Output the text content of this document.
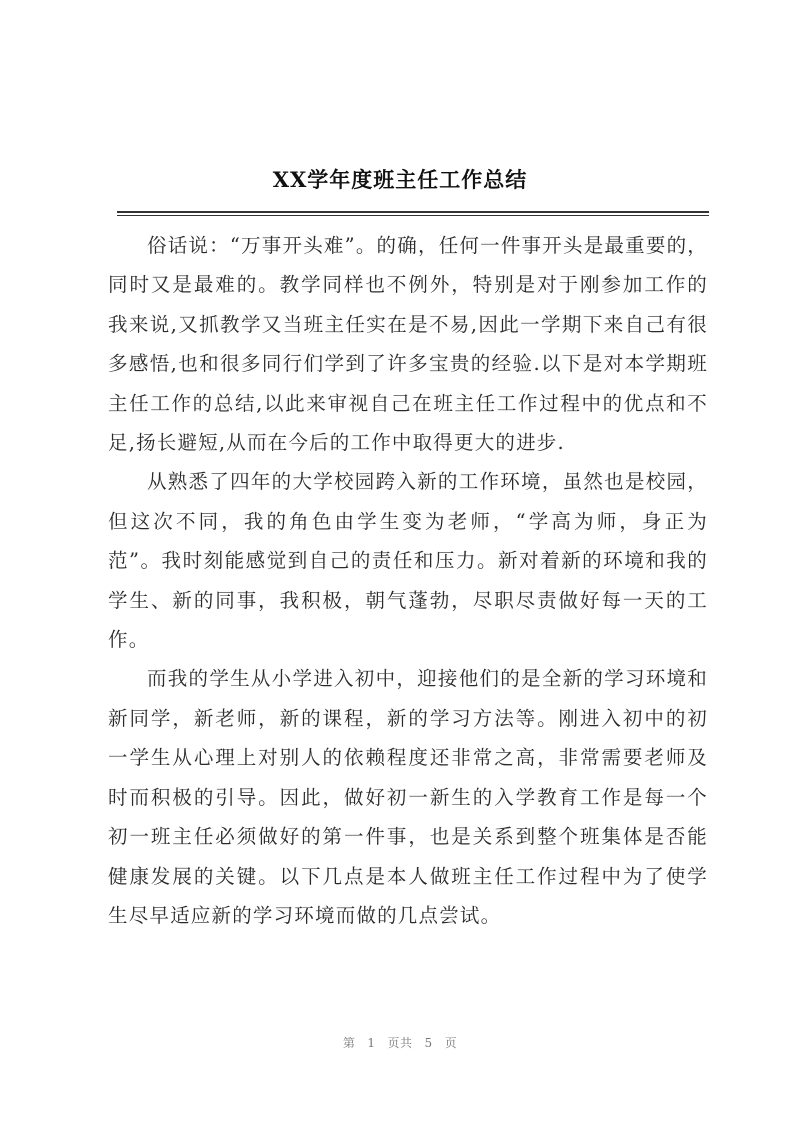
XX学年度班主任工作总结

俗话说：“万事开头难”。的确，任何一件事开头是最重要的，同时又是最难的。教学同样也不例外，特别是对于刚参加工作的我来说,又抓教学又当班主任实在是不易,因此一学期下来自己有很多感悟,也和很多同行们学到了许多宝贵的经验.以下是对本学期班主任工作的总结,以此来审视自己在班主任工作过程中的优点和不足,扬长避短,从而在今后的工作中取得更大的进步.

从熟悉了四年的大学校园跨入新的工作环境，虽然也是校园，但这次不同，我的角色由学生变为老师，“学高为师，身正为范”。我时刻能感觉到自己的责任和压力。新对着新的环境和我的学生、新的同事，我积极，朝气蓬勃，尽职尽责做好每一天的工作。

而我的学生从小学进入初中，迎接他们的是全新的学习环境和新同学，新老师，新的课程，新的学习方法等。刚进入初中的初一学生从心理上对别人的依赖程度还非常之高，非常需要老师及时而积极的引导。因此，做好初一新生的入学教育工作是每一个初一班主任必须做好的第一件事，也是关系到整个班集体是否能健康发展的关键。以下几点是本人做班主任工作过程中为了使学生尽早适应新的学习环境而做的几点尝试。

第 1 页共 5 页
